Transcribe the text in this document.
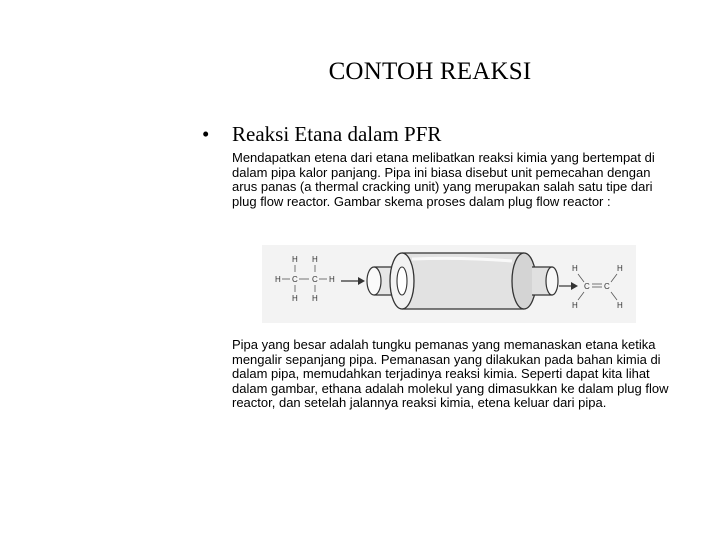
CONTOH REAKSI
•	Reaksi Etana dalam PFR
Mendapatkan etena dari etana melibatkan reaksi kimia yang bertempat di dalam pipa kalor panjang. Pipa ini biasa disebut unit pemecahan dengan arus panas (a thermal cracking unit) yang merupakan salah satu tipe dari plug flow reactor. Gambar skema proses dalam plug flow reactor :
H H
H C C H
H H
H	H
C C
H	H
Pipa yang besar adalah tungku pemanas yang memanaskan etana ketika mengalir sepanjang pipa. Pemanasan yang dilakukan pada bahan kimia di dalam pipa, memudahkan terjadinya reaksi kimia. Seperti dapat kita lihat dalam gambar, ethana adalah molekul yang dimasukkan ke dalam plug flow reactor, dan setelah jalannya reaksi kimia, etena keluar dari pipa.
